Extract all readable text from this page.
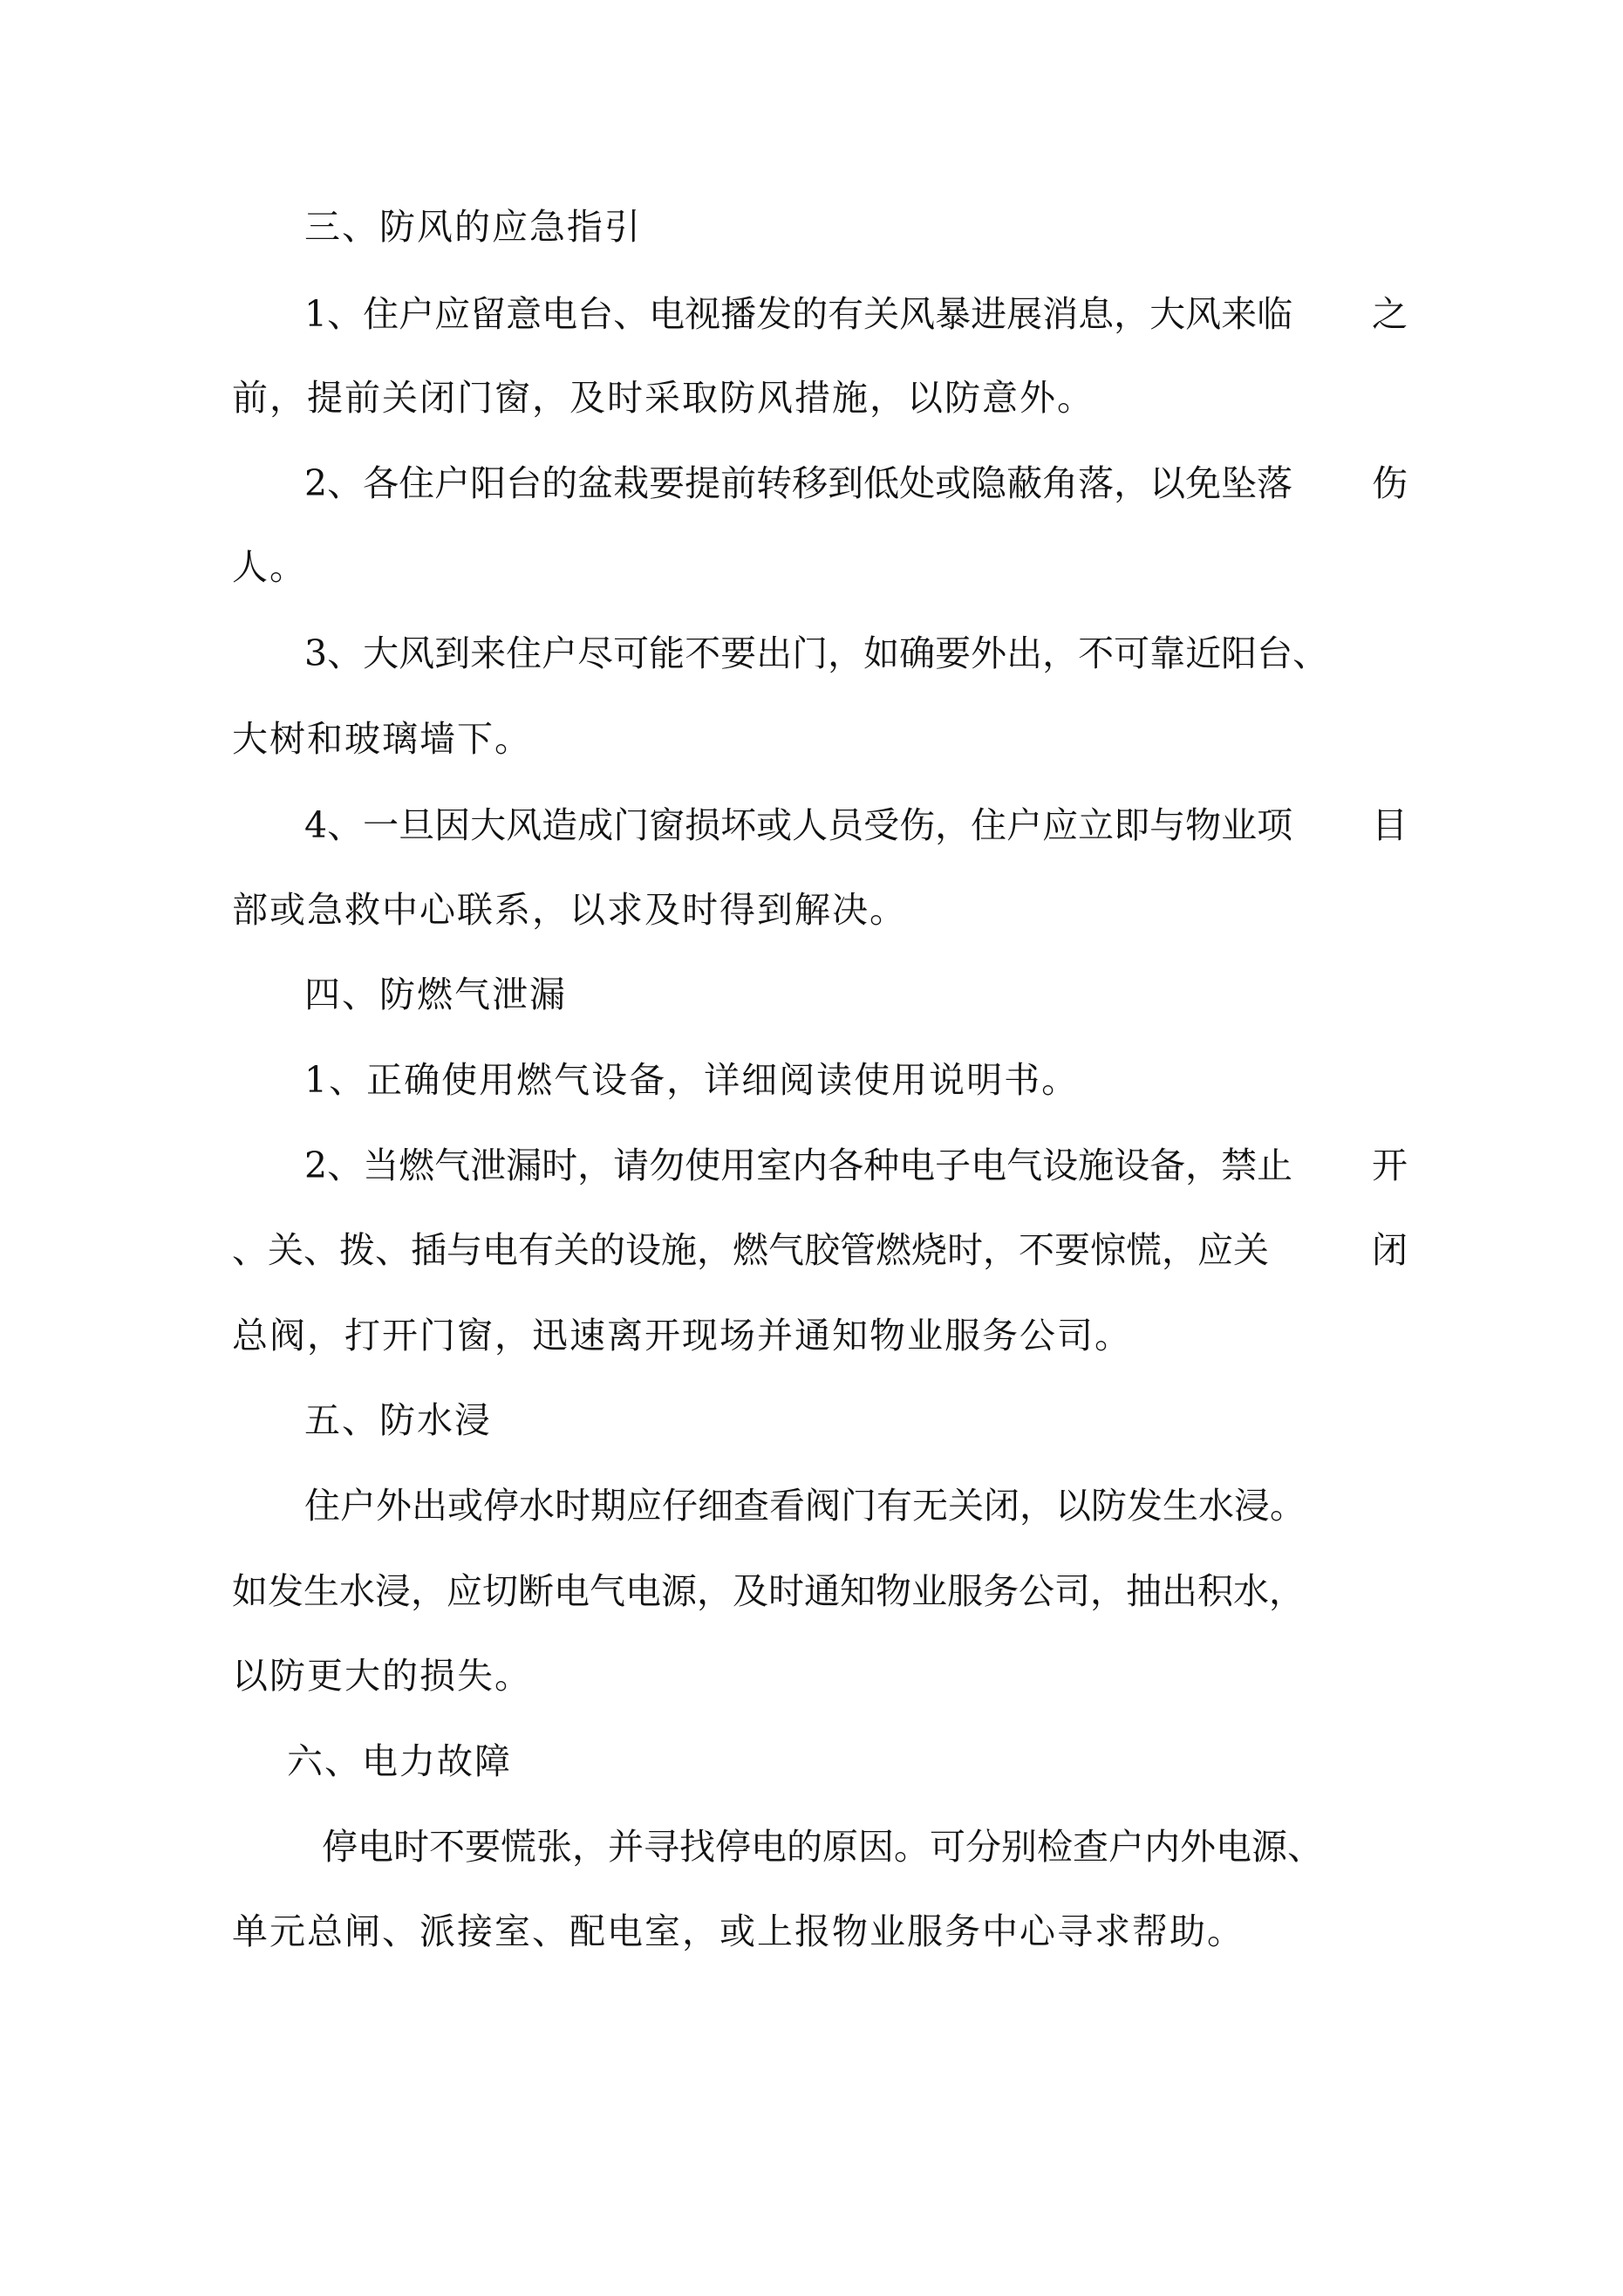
三、防风的应急指引
1、住户应留意电台、电视播发的有关风暴进展消息，大风来临 之
前，提前关闭门窗，及时采取防风措施，以防意外。
2、各住户阳台的盆栽要提前转移到低处或隐蔽角落，以免坠落 伤
人。
3、大风到来住户尽可能不要出门，如确要外出，不可靠近阳台、
大树和玻璃墙下。
4、一旦因大风造成门窗损坏或人员受伤，住户应立即与物业项 目
部或急救中心联系，以求及时得到解决。
四、防燃气泄漏
1、正确使用燃气设备，详细阅读使用说明书。
2、当燃气泄漏时，请勿使用室内各种电子电气设施设备，禁止 开
、关、拨、插与电有关的设施，燃气胶管燃烧时，不要惊慌，应关	闭
总阀，打开门窗，迅速离开现场并通知物业服务公司。
五、防水浸
住户外出或停水时期应仔细查看阀门有无关闭，以防发生水浸。
如发生水浸，应切断电气电源，及时通知物业服务公司，抽出积水，
以防更大的损失。
六、电力故障
停电时不要慌张，并寻找停电的原因。可分别检查户内外电源、
单元总闸、派接室、配电室，或上报物业服务中心寻求帮助。
